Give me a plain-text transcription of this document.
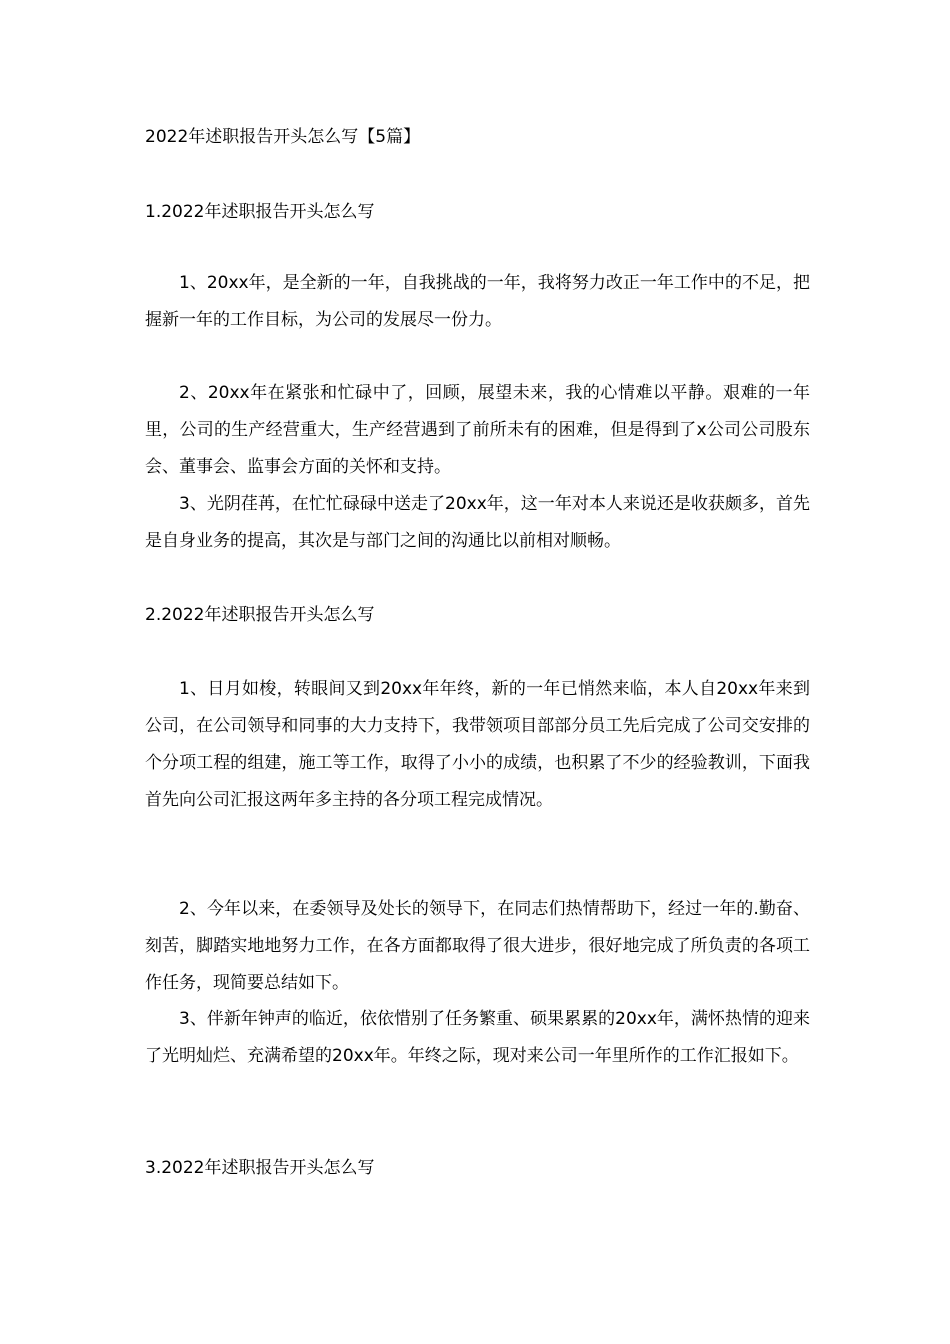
2022年述职报告开头怎么写【5篇】
1.2022年述职报告开头怎么写
1、20xx年，是全新的一年，自我挑战的一年，我将努力改正一年工作中的不足，把握新一年的工作目标，为公司的发展尽一份力。
2、20xx年在紧张和忙碌中了，回顾，展望未来，我的心情难以平静。艰难的一年里，公司的生产经营重大，生产经营遇到了前所未有的困难，但是得到了x公司公司股东会、董事会、监事会方面的关怀和支持。
3、光阴荏苒，在忙忙碌碌中送走了20xx年，这一年对本人来说还是收获颇多，首先是自身业务的提高，其次是与部门之间的沟通比以前相对顺畅。
2.2022年述职报告开头怎么写
1、日月如梭，转眼间又到20xx年年终，新的一年已悄然来临，本人自20xx年来到公司，在公司领导和同事的大力支持下，我带领项目部部分员工先后完成了公司交安排的个分项工程的组建，施工等工作，取得了小小的成绩，也积累了不少的经验教训，下面我首先向公司汇报这两年多主持的各分项工程完成情况。
2、今年以来，在委领导及处长的领导下，在同志们热情帮助下，经过一年的.勤奋、刻苦，脚踏实地地努力工作，在各方面都取得了很大进步，很好地完成了所负责的各项工作任务，现简要总结如下。
3、伴新年钟声的临近，依依惜别了任务繁重、硕果累累的20xx年，满怀热情的迎来了光明灿烂、充满希望的20xx年。年终之际，现对来公司一年里所作的工作汇报如下。
3.2022年述职报告开头怎么写
